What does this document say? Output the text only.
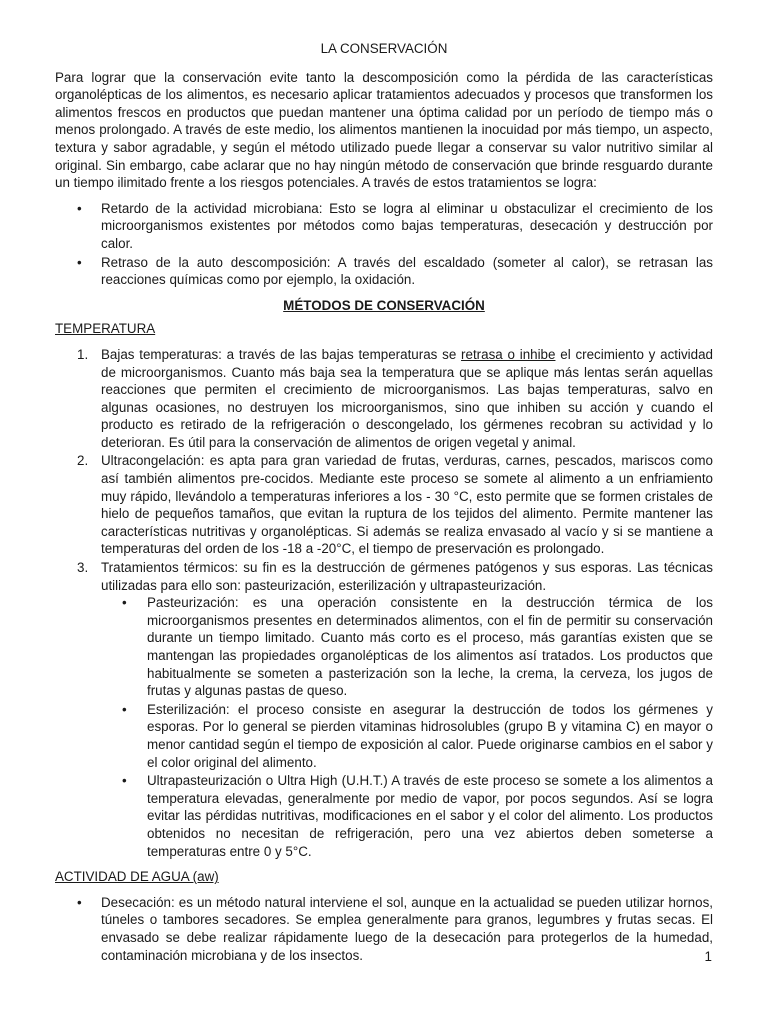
LA CONSERVACIÓN

Para lograr que la conservación evite tanto la descomposición como la pérdida de las características organolépticas de los alimentos, es necesario aplicar tratamientos adecuados y procesos que transformen los alimentos frescos en productos que puedan mantener una óptima calidad por un período de tiempo más o menos prolongado. A través de este medio, los alimentos mantienen la inocuidad por más tiempo, un aspecto, textura y sabor agradable, y según el método utilizado puede llegar a conservar su valor nutritivo similar al original. Sin embargo, cabe aclarar que no hay ningún método de conservación que brinde resguardo durante un tiempo ilimitado frente a los riesgos potenciales. A través de estos tratamientos se logra:

• Retardo de la actividad microbiana: Esto se logra al eliminar u obstaculizar el crecimiento de los microorganismos existentes por métodos como bajas temperaturas, desecación y destrucción por calor.
• Retraso de la auto descomposición: A través del escaldado (someter al calor), se retrasan las reacciones químicas como por ejemplo, la oxidación.
MÉTODOS DE CONSERVACIÓN
TEMPERATURA
1. Bajas temperaturas: a través de las bajas temperaturas se retrasa o inhibe el crecimiento y actividad de microorganismos. Cuanto más baja sea la temperatura que se aplique más lentas serán aquellas reacciones que permiten el crecimiento de microorganismos. Las bajas temperaturas, salvo en algunas ocasiones, no destruyen los microorganismos, sino que inhiben su acción y cuando el producto es retirado de la refrigeración o descongelado, los gérmenes recobran su actividad y lo deterioran. Es útil para la conservación de alimentos de origen vegetal y animal.
2. Ultracongelación: es apta para gran variedad de frutas, verduras, carnes, pescados, mariscos como así también alimentos pre-cocidos. Mediante este proceso se somete al alimento a un enfriamiento muy rápido, llevándolo a temperaturas inferiores a los - 30 °C, esto permite que se formen cristales de hielo de pequeños tamaños, que evitan la ruptura de los tejidos del alimento. Permite mantener las características nutritivas y organolépticas. Si además se realiza envasado al vacío y si se mantiene a temperaturas del orden de los -18 a -20°C, el tiempo de preservación es prolongado.
3. Tratamientos térmicos: su fin es la destrucción de gérmenes patógenos y sus esporas. Las técnicas utilizadas para ello son: pasteurización, esterilización y ultrapasteurización.
• Pasteurización: es una operación consistente en la destrucción térmica de los microorganismos presentes en determinados alimentos, con el fin de permitir su conservación durante un tiempo limitado. Cuanto más corto es el proceso, más garantías existen que se mantengan las propiedades organolépticas de los alimentos así tratados. Los productos que habitualmente se someten a pasterización son la leche, la crema, la cerveza, los jugos de frutas y algunas pastas de queso.
• Esterilización: el proceso consiste en asegurar la destrucción de todos los gérmenes y esporas. Por lo general se pierden vitaminas hidrosolubles (grupo B y vitamina C) en mayor o menor cantidad según el tiempo de exposición al calor. Puede originarse cambios en el sabor y el color original del alimento.
• Ultrapasteurización o Ultra High (U.H.T.) A través de este proceso se somete a los alimentos a temperatura elevadas, generalmente por medio de vapor, por pocos segundos. Así se logra evitar las pérdidas nutritivas, modificaciones en el sabor y el color del alimento. Los productos obtenidos no necesitan de refrigeración, pero una vez abiertos deben someterse a temperaturas entre 0 y 5°C.
ACTIVIDAD DE AGUA (aw)
• Desecación: es un método natural interviene el sol, aunque en la actualidad se pueden utilizar hornos, túneles o tambores secadores. Se emplea generalmente para granos, legumbres y frutas secas. El envasado se debe realizar rápidamente luego de la desecación para protegerlos de la humedad, contaminación microbiana y de los insectos.	1
